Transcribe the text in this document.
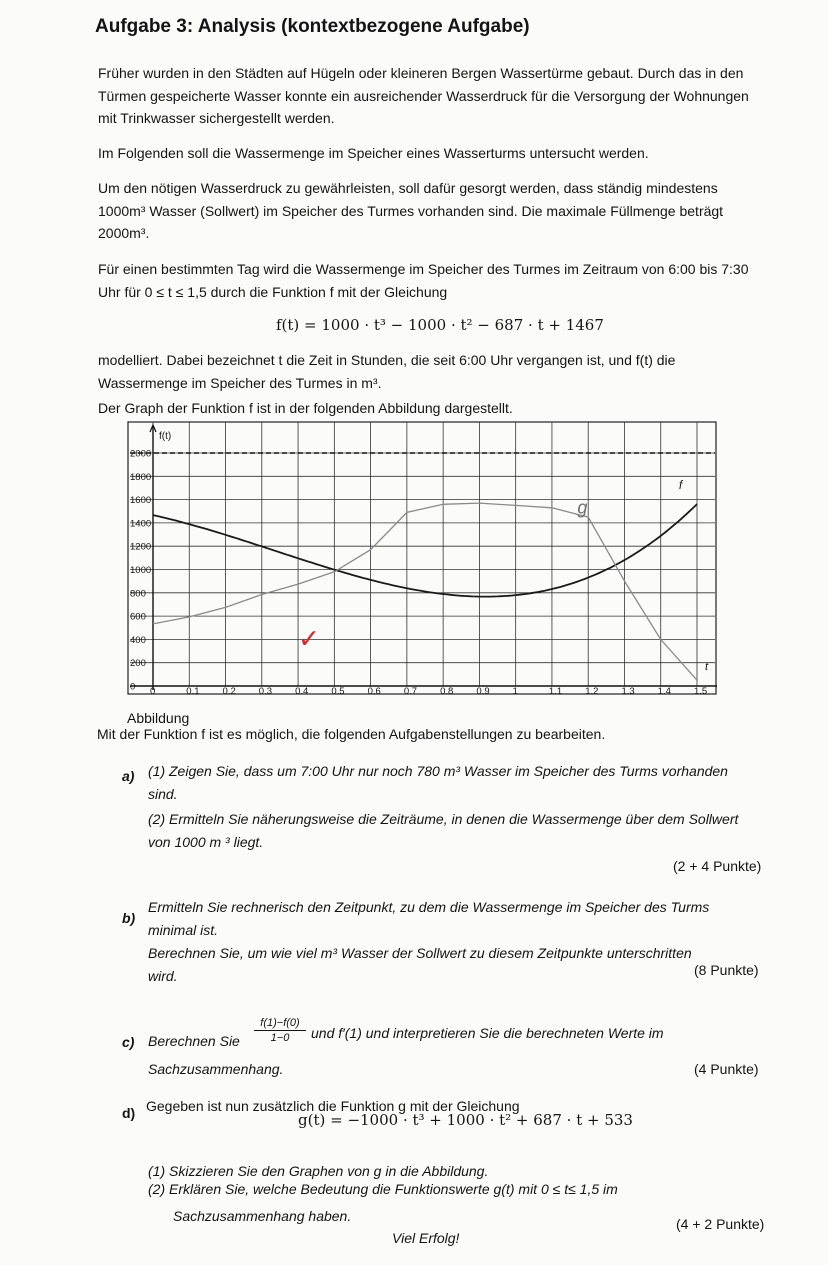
Aufgabe 3: Analysis (kontextbezogene Aufgabe)

Früher wurden in den Städten auf Hügeln oder kleineren Bergen Wassertürme gebaut. Durch das in den Türmen gespeicherte Wasser konnte ein ausreichender Wasserdruck für die Versorgung der Wohnungen mit Trinkwasser sichergestellt werden.

Im Folgenden soll die Wassermenge im Speicher eines Wasserturms untersucht werden.

Um den nötigen Wasserdruck zu gewährleisten, soll dafür gesorgt werden, dass ständig mindestens 1000m³ Wasser (Sollwert) im Speicher des Turmes vorhanden sind. Die maximale Füllmenge beträgt 2000m³.

Für einen bestimmten Tag wird die Wassermenge im Speicher des Turmes im Zeitraum von 6:00 bis 7:30 Uhr für 0 ≤ t ≤ 1,5 durch die Funktion f mit der Gleichung

f(t) = 1000 · t³ − 1000 · t² − 687 · t + 1467

modelliert. Dabei bezeichnet t die Zeit in Stunden, die seit 6:00 Uhr vergangen ist, und f(t) die Wassermenge im Speicher des Turmes in m³.

Der Graph der Funktion f ist in der folgenden Abbildung dargestellt.

0	0.1 0.2 0.3 0.4 0.5 0.6 0.7 0.8 0.9 1	1.1 1.2 1.3 1.4 1.5
0
200
400
600
800
1000
1200
1400
1600
1800
2000
f(t)
t
✓
g
f
Abbildung
Mit der Funktion f ist es möglich, die folgenden Aufgabenstellungen zu bearbeiten.
a) (1) Zeigen Sie, dass um 7:00 Uhr nur noch 780 m³ Wasser im Speicher des Turms vorhanden sind.
(2) Ermitteln Sie näherungsweise die Zeiträume, in denen die Wassermenge über dem Sollwert von 1000 m ³ liegt.
(2 + 4 Punkte)
b)
Ermitteln Sie rechnerisch den Zeitpunkt, zu dem die Wassermenge im Speicher des Turms minimal ist.
Berechnen Sie, um wie viel m³ Wasser der Sollwert zu diesem Zeitpunkte unterschritten wird.	(8 Punkte)
c) Berechnen Sie $\frac{f(1)-f(0)}{1-0}$ und f′(1) und interpretieren Sie die berechneten Werte im
Sachzusammenhang.	(4 Punkte)
d) Gegeben ist nun zusätzlich die Funktion g mit der Gleichung
g(t) = −1000 · t³ + 1000 · t² + 687 · t + 533
(1) Skizzieren Sie den Graphen von g in die Abbildung.
(2) Erklären Sie, welche Bedeutung die Funktionswerte g(t) mit 0 ≤ t≤ 1,5 im
Sachzusammenhang haben.	(4 + 2 Punkte)
Viel Erfolg!
